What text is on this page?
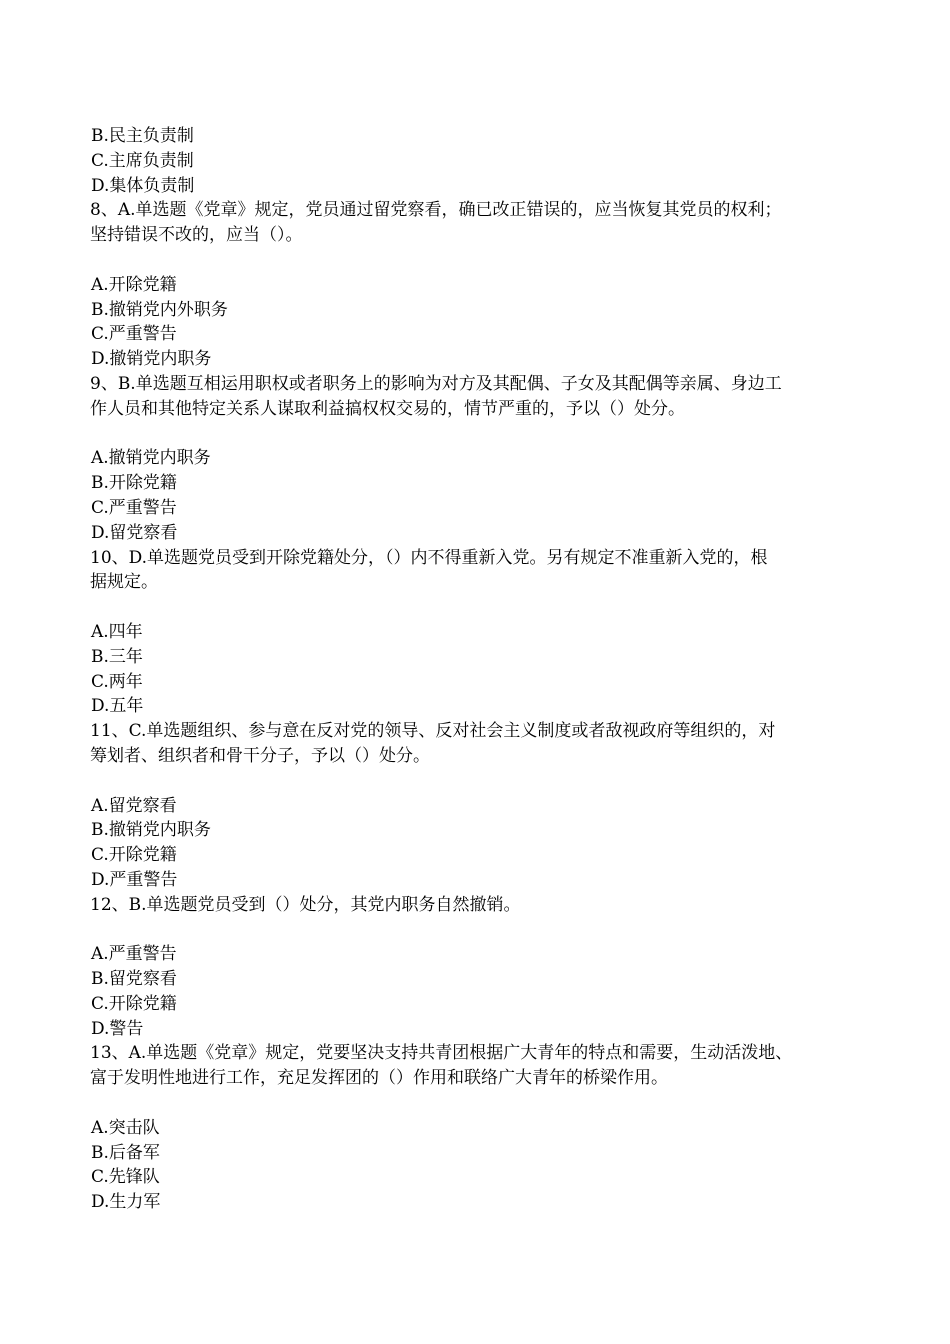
B.民主负责制
C.主席负责制
D.集体负责制
8、A.单选题《党章》规定，党员通过留党察看，确已改正错误的，应当恢复其党员的权利；
坚持错误不改的，应当（）。
A.开除党籍
B.撤销党内外职务
C.严重警告
D.撤销党内职务
9、B.单选题互相运用职权或者职务上的影响为对方及其配偶、子女及其配偶等亲属、身边工
作人员和其他特定关系人谋取利益搞权权交易的，情节严重的，予以（）处分。
A.撤销党内职务
B.开除党籍
C.严重警告
D.留党察看
10、D.单选题党员受到开除党籍处分，（）内不得重新入党。另有规定不准重新入党的，根
据规定。
A.四年
B.三年
C.两年
D.五年
11、C.单选题组织、参与意在反对党的领导、反对社会主义制度或者敌视政府等组织的，对
筹划者、组织者和骨干分子，予以（）处分。
A.留党察看
B.撤销党内职务
C.开除党籍
D.严重警告
12、B.单选题党员受到（）处分，其党内职务自然撤销。
A.严重警告
B.留党察看
C.开除党籍
D.警告
13、A.单选题《党章》规定，党要坚决支持共青团根据广大青年的特点和需要，生动活泼地、
富于发明性地进行工作，充足发挥团的（）作用和联络广大青年的桥梁作用。
A.突击队
B.后备军
C.先锋队
D.生力军
